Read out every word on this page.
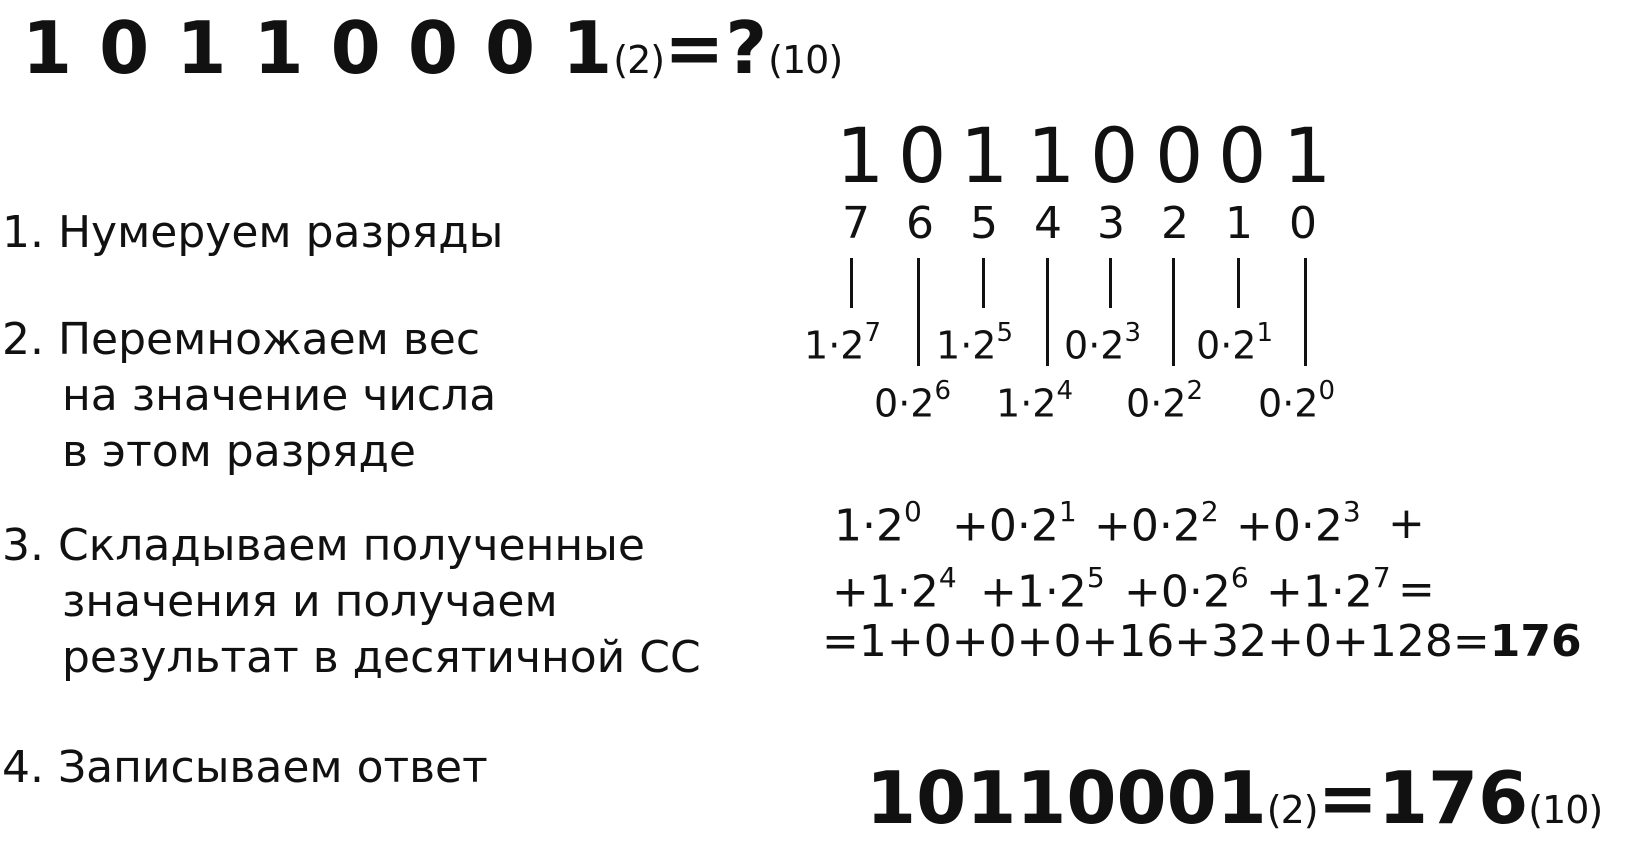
1 0 1 1 0 0 0 1(2)=?(10)
1. Нумеруем разряды
2. Перемножаем вес
на значение числа
в этом разряде
3. Складываем полученные
значения и получаем
результат в десятичной СС
4. Записываем ответ
1 0 1 1 0 0 0 1
7 6 5 4 3 2 1 0
$1\cdot 2^7$ $1\cdot 2^5$ $0\cdot 2^3$ $0\cdot 2^1$
$0\cdot 2^6$ $1\cdot 2^4$ $0\cdot 2^2$ $0\cdot 2^0$
$1\cdot 2^0 +0\cdot 2^1 +0\cdot 2^2 +0\cdot 2^3$ +
$+1\cdot 2^4 +1\cdot 2^5 +0\cdot 2^6 +1\cdot 2^7$ =
=1+0+0+0+16+32+0+128=176
10110001(2)=176(10)
